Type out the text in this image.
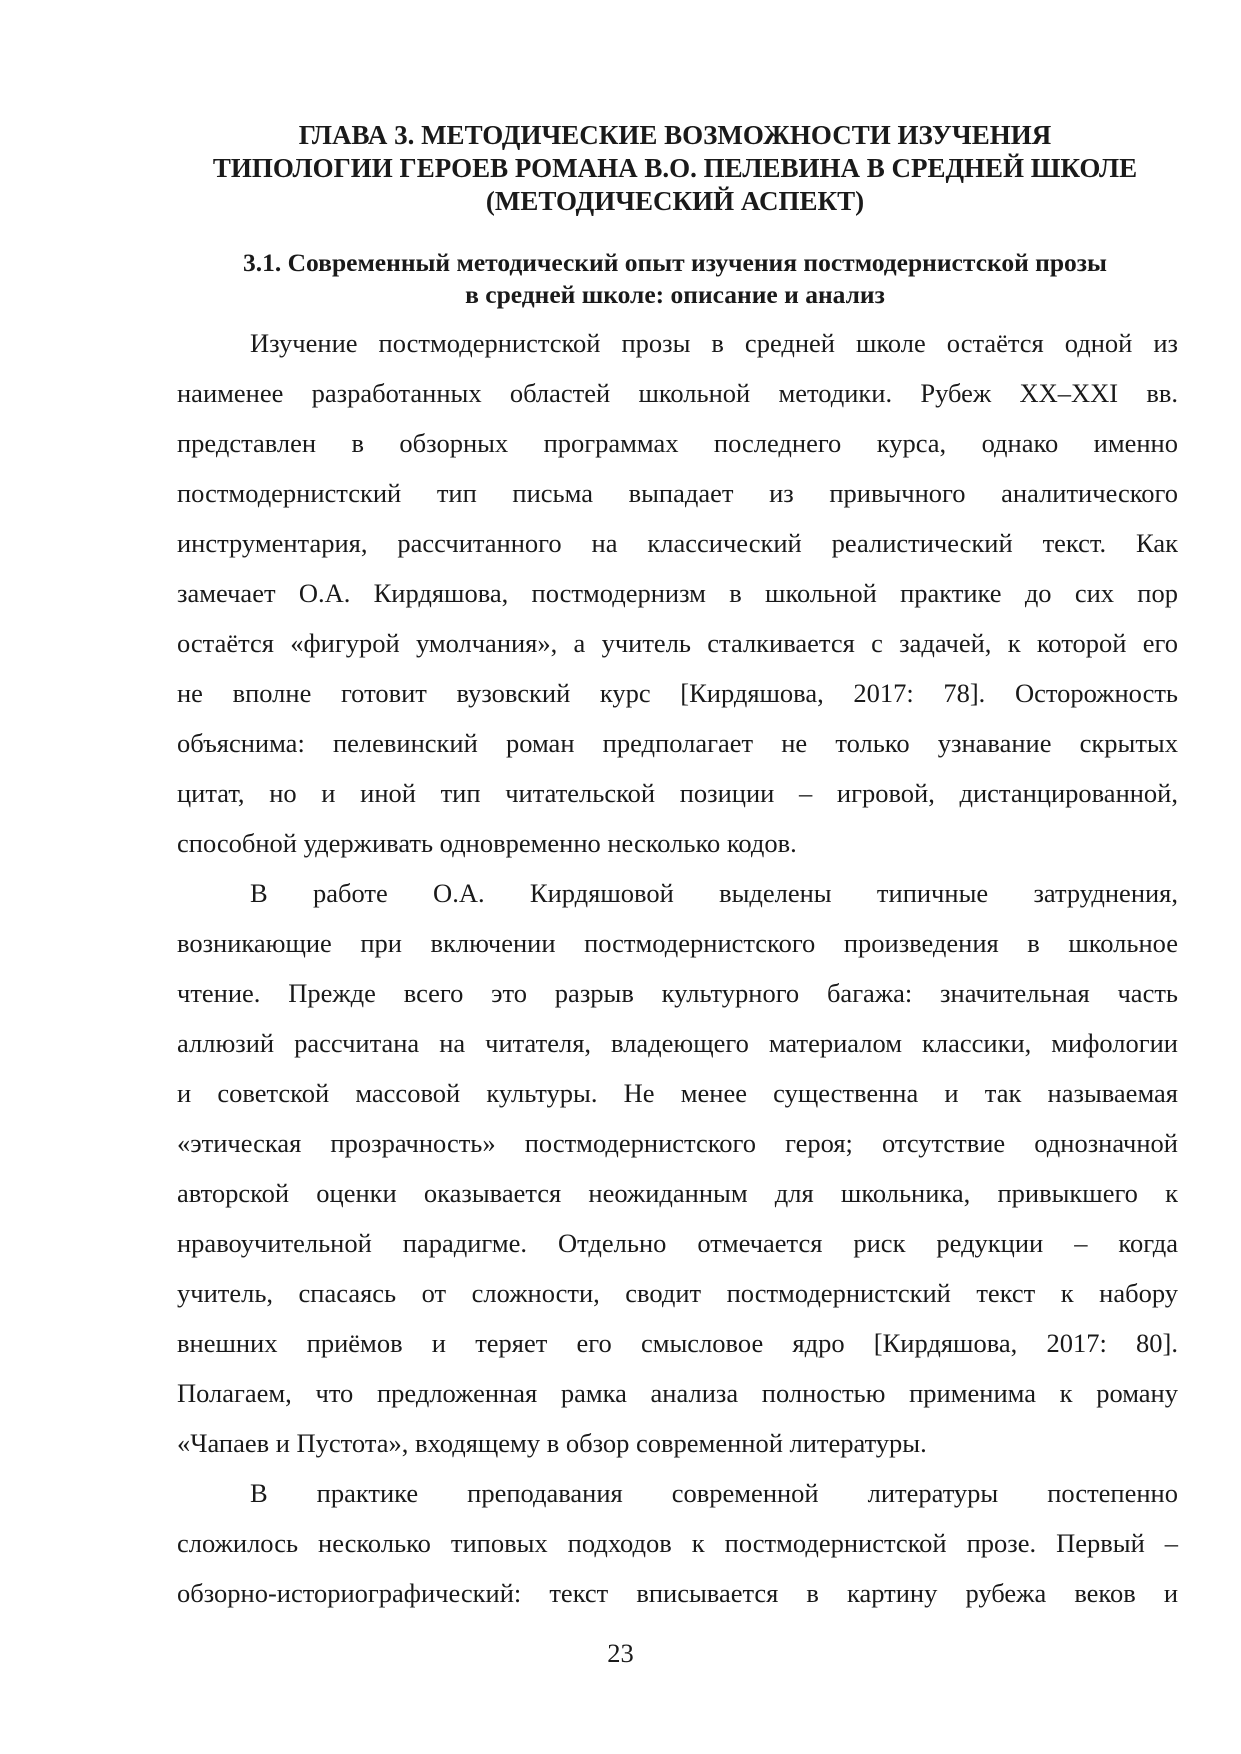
ГЛАВА 3. МЕТОДИЧЕСКИЕ ВОЗМОЖНОСТИ ИЗУЧЕНИЯ
ТИПОЛОГИИ ГЕРОЕВ РОМАНА В.О. ПЕЛЕВИНА В СРЕДНЕЙ ШКОЛЕ
(МЕТОДИЧЕСКИЙ АСПЕКТ)
3.1. Современный методический опыт изучения постмодернистской прозы
в средней школе: описание и анализ

Изучение постмодернистской прозы в средней школе остаётся одной из
наименее разработанных областей школьной методики. Рубеж XX–XXI вв.
представлен в обзорных программах последнего курса, однако именно
постмодернистский тип письма выпадает из привычного аналитического
инструментария, рассчитанного на классический реалистический текст. Как
замечает О.А. Кирдяшова, постмодернизм в школьной практике до сих пор
остаётся «фигурой умолчания», а учитель сталкивается с задачей, к которой его
не вполне готовит вузовский курс [Кирдяшова, 2017: 78]. Осторожность
объяснима: пелевинский роман предполагает не только узнавание скрытых
цитат, но и иной тип читательской позиции – игровой, дистанцированной,
способной удерживать одновременно несколько кодов.

В работе О.А. Кирдяшовой выделены типичные затруднения,
возникающие при включении постмодернистского произведения в школьное
чтение. Прежде всего это разрыв культурного багажа: значительная часть
аллюзий рассчитана на читателя, владеющего материалом классики, мифологии
и советской массовой культуры. Не менее существенна и так называемая
«этическая прозрачность» постмодернистского героя; отсутствие однозначной
авторской оценки оказывается неожиданным для школьника, привыкшего к
нравоучительной парадигме. Отдельно отмечается риск редукции – когда
учитель, спасаясь от сложности, сводит постмодернистский текст к набору
внешних приёмов и теряет его смысловое ядро [Кирдяшова, 2017: 80].
Полагаем, что предложенная рамка анализа полностью применима к роману
«Чапаев и Пустота», входящему в обзор современной литературы.

В практике преподавания современной литературы постепенно
сложилось несколько типовых подходов к постмодернистской прозе. Первый –
обзорно-историографический: текст вписывается в картину рубежа веков и

23
